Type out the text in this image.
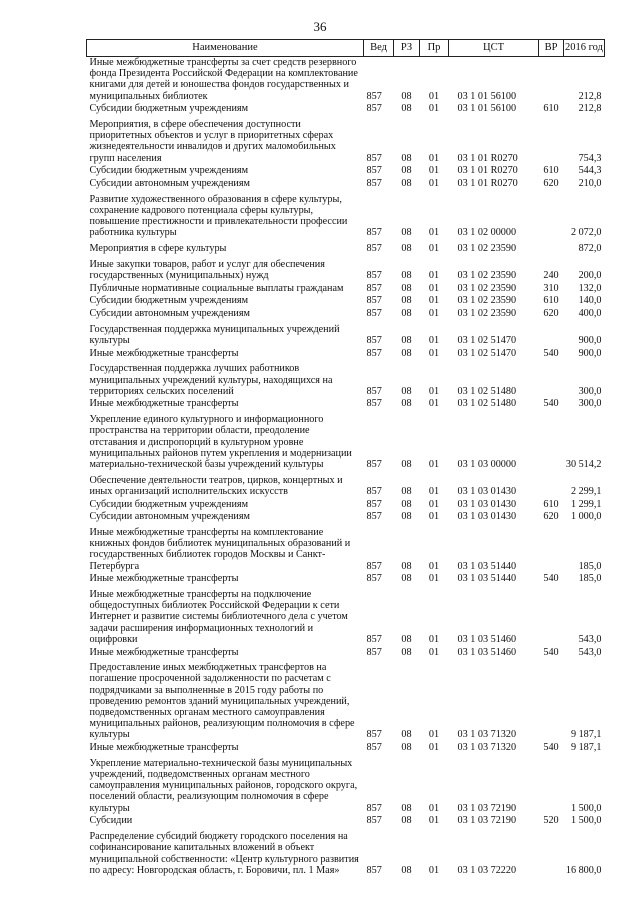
36
Наименование	Вед	РЗ	Пр	ЦСТ	ВР	2016 год
Иные межбюджетные трансферты за счет средств резервного фонда Президента Российской Федерации на комплектование книгами для детей и юношества фондов государственных и муниципальных библиотек	857	08	01	03 1 01 56100		212,8
Субсидии бюджетным учреждениям	857	08	01	03 1 01 56100	610	212,8
Мероприятия, в сфере обеспечения доступности приоритетных объектов и услуг в приоритетных сферах жизнедеятельности инвалидов и других маломобильных групп населения	857	08	01	03 1 01 R0270		754,3
Субсидии бюджетным учреждениям	857	08	01	03 1 01 R0270	610	544,3
Субсидии автономным учреждениям	857	08	01	03 1 01 R0270	620	210,0
Развитие художественного образования в сфере культуры, сохранение кадрового потенциала сферы культуры, повышение престижности и привлекательности профессии работника культуры	857	08	01	03 1 02 00000		2 072,0
Мероприятия в сфере культуры	857	08	01	03 1 02 23590		872,0
Иные закупки товаров, работ и услуг для обеспечения государственных (муниципальных) нужд	857	08	01	03 1 02 23590	240	200,0
Публичные нормативные социальные выплаты гражданам	857	08	01	03 1 02 23590	310	132,0
Субсидии бюджетным учреждениям	857	08	01	03 1 02 23590	610	140,0
Субсидии автономным учреждениям	857	08	01	03 1 02 23590	620	400,0
Государственная поддержка муниципальных учреждений культуры	857	08	01	03 1 02 51470		900,0
Иные межбюджетные трансферты	857	08	01	03 1 02 51470	540	900,0
Государственная поддержка лучших работников муниципальных учреждений культуры, находящихся на территориях сельских поселений	857	08	01	03 1 02 51480		300,0
Иные межбюджетные трансферты	857	08	01	03 1 02 51480	540	300,0
Укрепление единого культурного и информационного пространства на территории области, преодоление отставания и диспропорций в культурном уровне муниципальных районов путем укрепления и модернизации материально-технической базы учреждений культуры	857	08	01	03 1 03 00000		30 514,2
Обеспечение деятельности театров, цирков, концертных и иных организаций исполнительских искусств	857	08	01	03 1 03 01430		2 299,1
Субсидии бюджетным учреждениям	857	08	01	03 1 03 01430	610	1 299,1
Субсидии автономным учреждениям	857	08	01	03 1 03 01430	620	1 000,0
Иные межбюджетные трансферты на комплектование книжных фондов библиотек муниципальных образований и государственных библиотек городов Москвы и Санкт-Петербурга	857	08	01	03 1 03 51440		185,0
Иные межбюджетные трансферты	857	08	01	03 1 03 51440	540	185,0
Иные межбюджетные трансферты на подключение общедоступных библиотек Российской Федерации к сети Интернет и развитие системы библиотечного дела с учетом задачи расширения информационных технологий и оцифровки	857	08	01	03 1 03 51460		543,0
Иные межбюджетные трансферты	857	08	01	03 1 03 51460	540	543,0
Предоставление иных межбюджетных трансфертов на погашение просроченной задолженности по расчетам с подрядчиками за выполненные в 2015 году работы по проведению ремонтов зданий муниципальных учреждений, подведомственных органам местного самоуправления муниципальных районов, реализующим полномочия в сфере культуры	857	08	01	03 1 03 71320		9 187,1
Иные межбюджетные трансферты	857	08	01	03 1 03 71320	540	9 187,1
Укрепление материально-технической базы муниципальных учреждений, подведомственных органам местного самоуправления муниципальных районов, городского округа, поселений области, реализующим полномочия в сфере культуры	857	08	01	03 1 03 72190		1 500,0
Субсидии	857	08	01	03 1 03 72190	520	1 500,0
Распределение субсидий бюджету городского поселения на софинансирование капитальных вложений в объект муниципальной собственности: «Центр культурного развития по адресу: Новгородская область, г. Боровичи, пл. 1 Мая»	857	08	01	03 1 03 72220		16 800,0
